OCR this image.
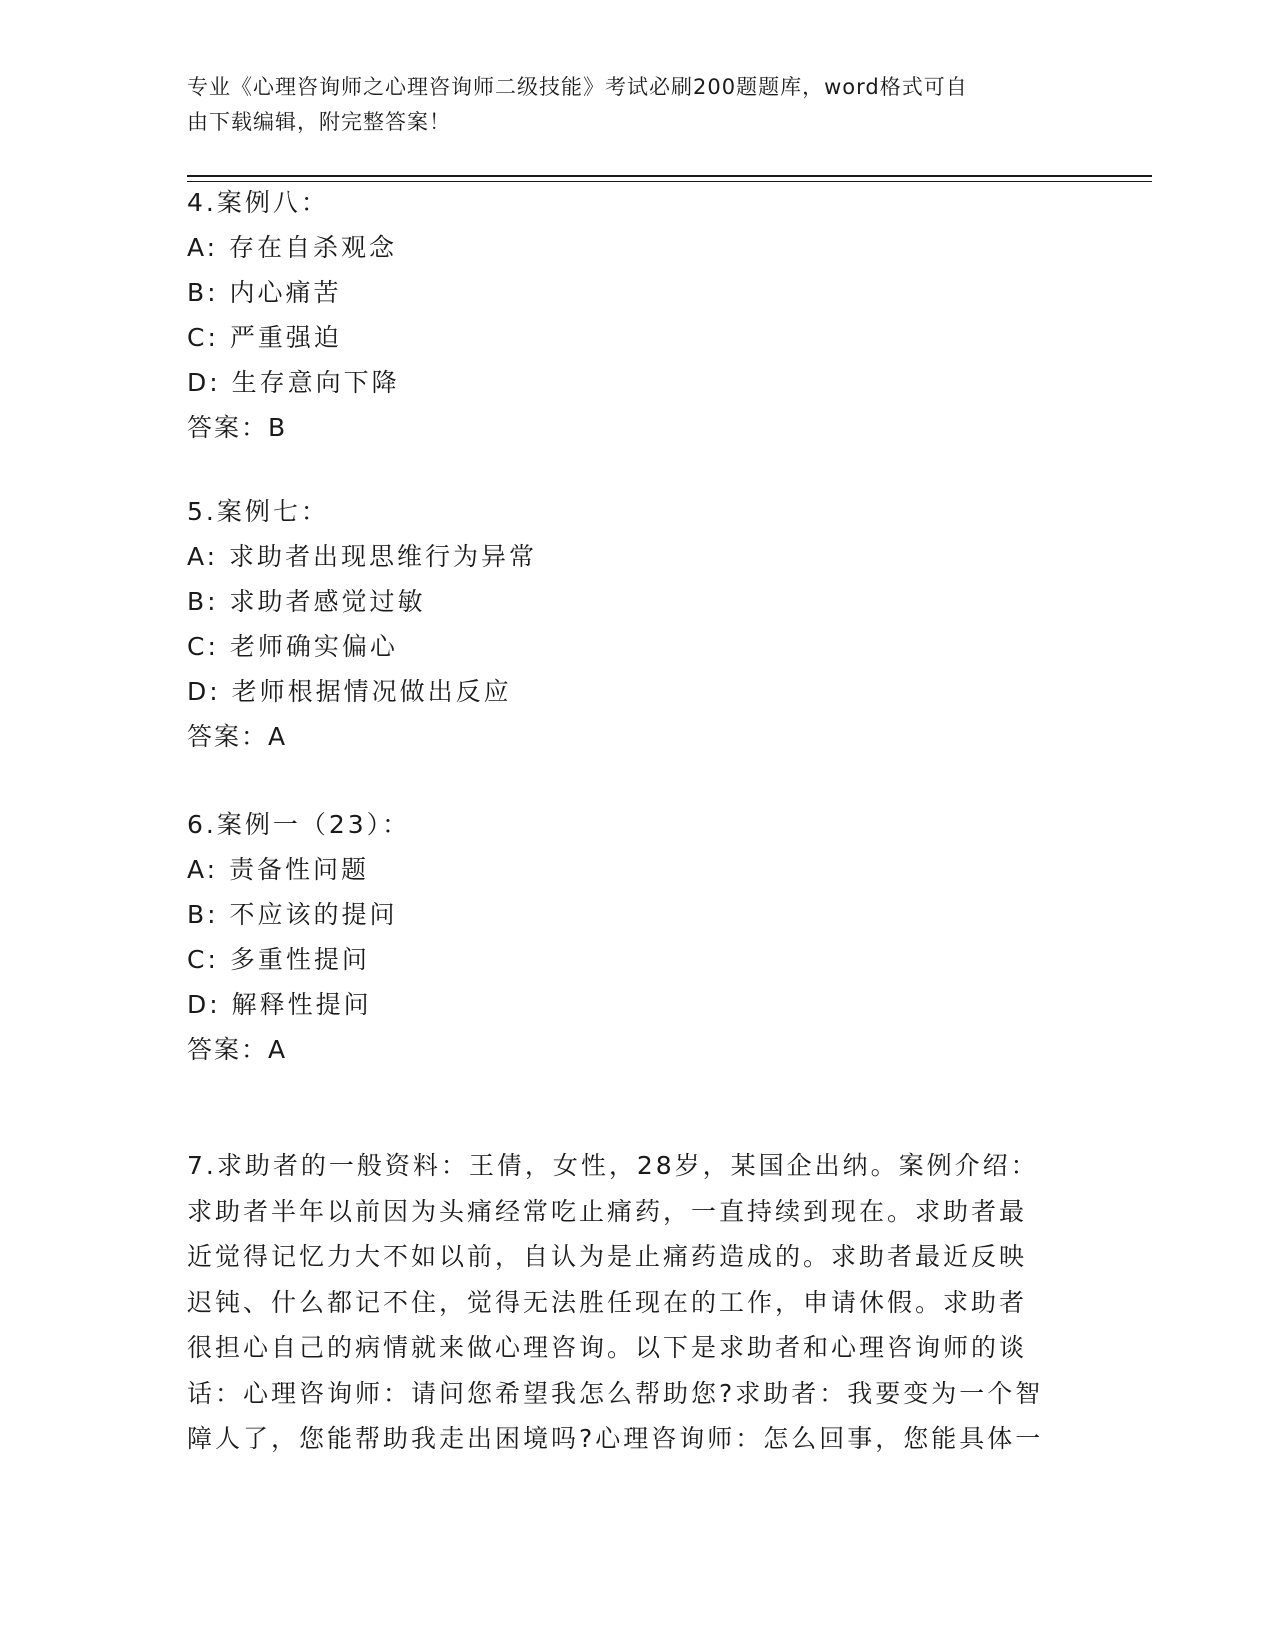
专业《心理咨询师之心理咨询师二级技能》考试必刷200题题库，word格式可自
由下载编辑，附完整答案！
4.案例八：
A: 存在自杀观念
B: 内心痛苦
C: 严重强迫
D: 生存意向下降
答案：B
5.案例七：
A: 求助者出现思维行为异常
B: 求助者感觉过敏
C: 老师确实偏心
D: 老师根据情况做出反应
答案：A
6.案例一（23）：
A: 责备性问题
B: 不应该的提问
C: 多重性提问
D: 解释性提问
答案：A
7.求助者的一般资料：王倩，女性，28岁，某国企出纳。案例介绍：
求助者半年以前因为头痛经常吃止痛药，一直持续到现在。求助者最
近觉得记忆力大不如以前，自认为是止痛药造成的。求助者最近反映
迟钝、什么都记不住，觉得无法胜任现在的工作，申请休假。求助者
很担心自己的病情就来做心理咨询。以下是求助者和心理咨询师的谈
话：心理咨询师：请问您希望我怎么帮助您?求助者：我要变为一个智
障人了，您能帮助我走出困境吗?心理咨询师：怎么回事，您能具体一
